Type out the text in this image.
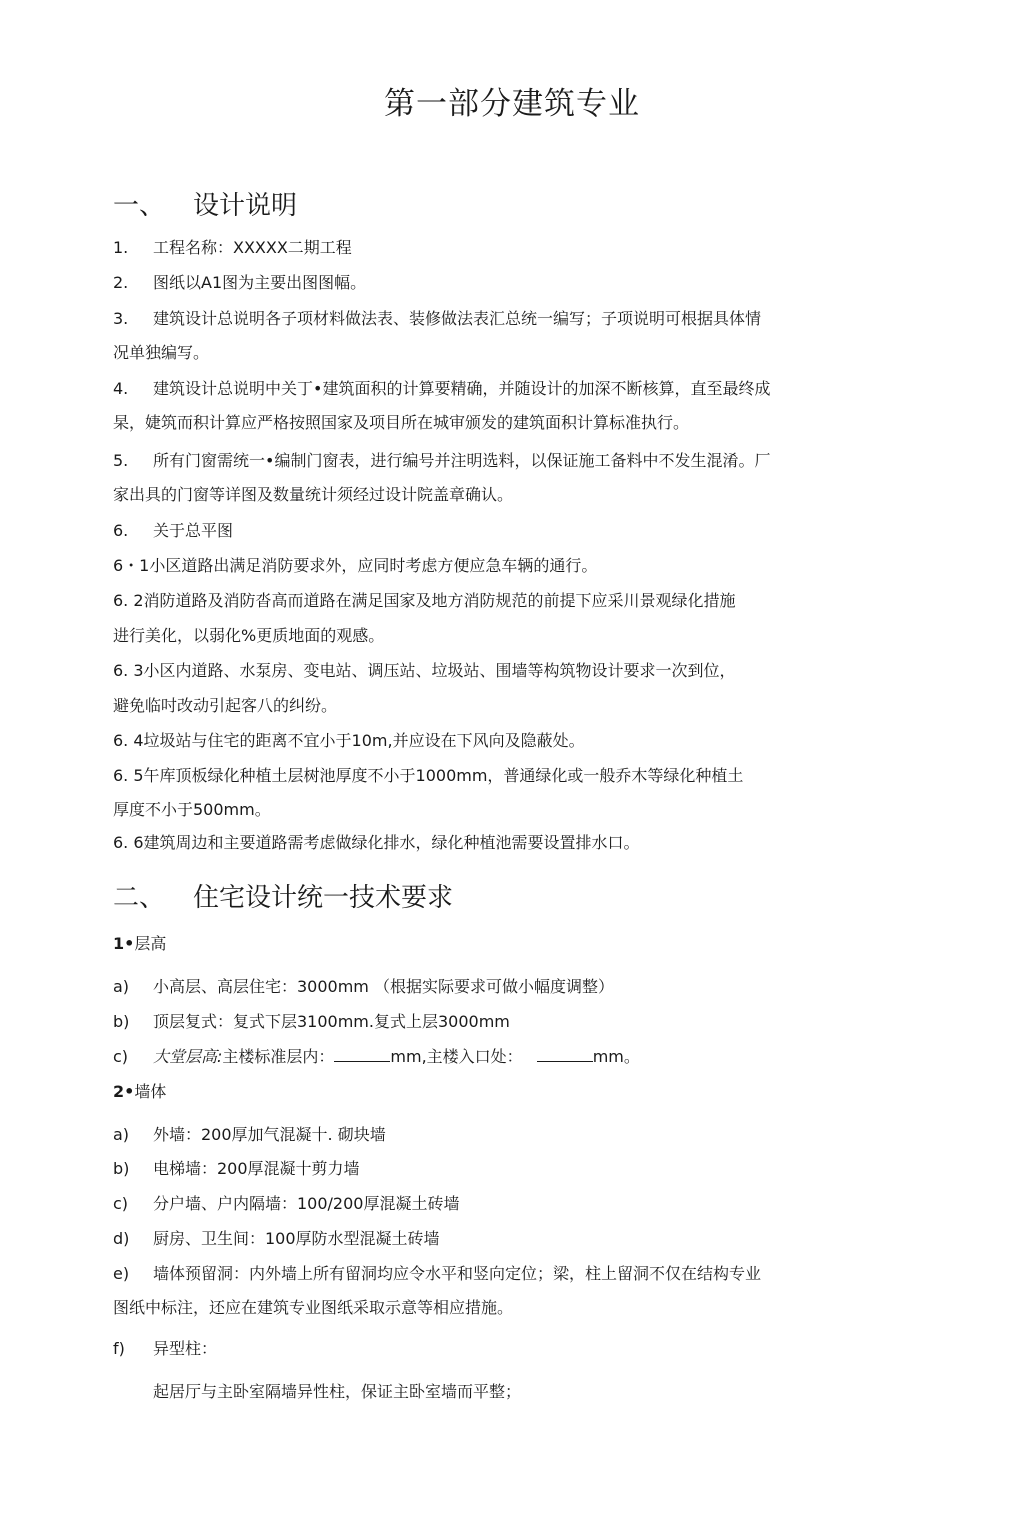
第一部分建筑专业
一、 设计说明
1. 工程名称：XXXXX二期工程
2. 图纸以A1图为主要出图图幅。
3. 建筑设计总说明各子项材料做法表、装修做法表汇总统一编写；子项说明可根据具体情
况单独编写。
4. 建筑设计总说明中关丁•建筑面积的计算要精确，并随设计的加深不断核算，直至最终成
杲，婕筑而积计算应严格按照国家及项目所在城审颁发的建筑面积计算标准执行。
5. 所有门窗需统一•编制门窗表，进行编号并注明选料，以保证施工备料中不发生混淆。厂
家出具的门窗等详图及数量统计须经过设计院盖章确认。
6. 关于总平图
6・1小区道路出满足消防要求外，应同时考虑方便应急车辆的通行。
6. 2消防道路及消防沓高而道路在满足国家及地方消防规范的前提下应采川景观绿化措施
进行美化，以弱化%更质地面的观感。
6. 3小区内道路、水泵房、变电站、调压站、垃圾站、围墙等构筑物设计要求一次到位，
避免临吋改动引起客八的纠纷。
6. 4垃圾站与住宅的距离不宜小于10m,并应设在下风向及隐蔽处。
6. 5午库顶板绿化种植土层树池厚度不小于1000mm，普通绿化或一般乔木等绿化种植土
厚度不小于500mm。
6. 6建筑周边和主要道路需考虑做绿化排水，绿化种植池需要设置排水口。
二、 住宅设计统一技术要求
1•层高
a) 小高层、高层住宅：3000mm （根据实际要求可做小幅度调整）
b) 顶层复式：复式下层3100mm.复式上层3000mm
c) 大堂层高:主楼标准层内：	mm,主楼入口处：	mm。
2•墙体
a) 外墙：200厚加气混凝十. 砌块墙
b) 电梯墙：200厚混凝十剪力墙
c) 分户墙、户内隔墙：100/200厚混凝土砖墙
d) 厨房、卫生间：100厚防水型混凝土砖墙
e) 墙体预留洞：内外墙上所有留洞均应令水平和竖向定位；梁，柱上留洞不仅在结构专业
图纸中标注，还应在建筑专业图纸采取示意等相应措施。
f) 异型柱：
起居厅与主卧室隔墙异性柱，保证主卧室墙而平整；
